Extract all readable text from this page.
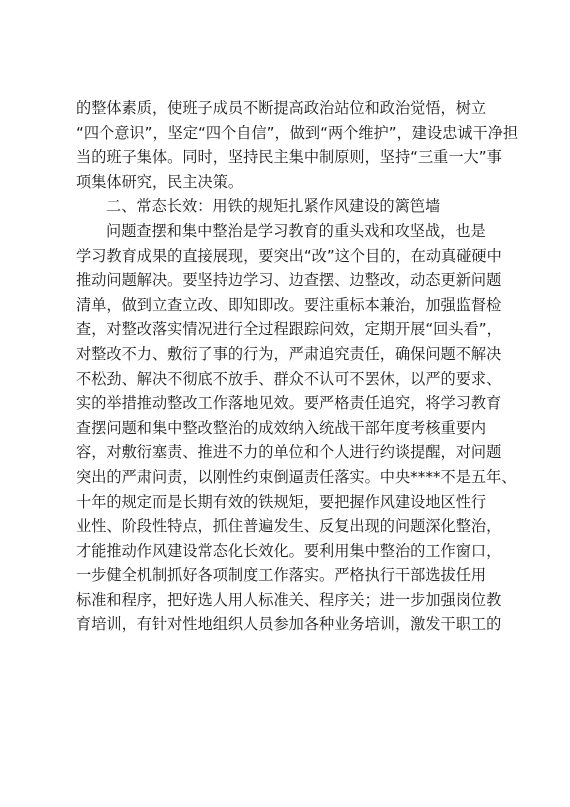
的整体素质，使班子成员不断提高政治站位和政治觉悟，树立
“四个意识”，坚定“四个自信”，做到“两个维护”，建设忠诚干净担
当的班子集体。同时，坚持民主集中制原则，坚持“三重一大”事
项集体研究，民主决策。
二、常态长效：用铁的规矩扎紧作风建设的篱笆墙
问题查摆和集中整治是学习教育的重头戏和攻坚战，也是
学习教育成果的直接展现，要突出“改”这个目的，在动真碰硬中
推动问题解决。要坚持边学习、边查摆、边整改，动态更新问题
清单，做到立查立改、即知即改。要注重标本兼治，加强监督检
查，对整改落实情况进行全过程跟踪问效，定期开展“回头看”，
对整改不力、敷衍了事的行为，严肃追究责任，确保问题不解决
不松劲、解决不彻底不放手、群众不认可不罢休，以严的要求、
实的举措推动整改工作落地见效。要严格责任追究，将学习教育
查摆问题和集中整改整治的成效纳入统战干部年度考核重要内
容，对敷衍塞责、推进不力的单位和个人进行约谈提醒，对问题
突出的严肃问责，以刚性约束倒逼责任落实。中央****不是五年、
十年的规定而是长期有效的铁规矩，要把握作风建设地区性行
业性、阶段性特点，抓住普遍发生、反复出现的问题深化整治，
才能推动作风建设常态化长效化。要利用集中整治的工作窗口，
一步健全机制抓好各项制度工作落实。严格执行干部选拔任用
标准和程序，把好选人用人标准关、程序关；进一步加强岗位教
育培训，有针对性地组织人员参加各种业务培训，激发干职工的
